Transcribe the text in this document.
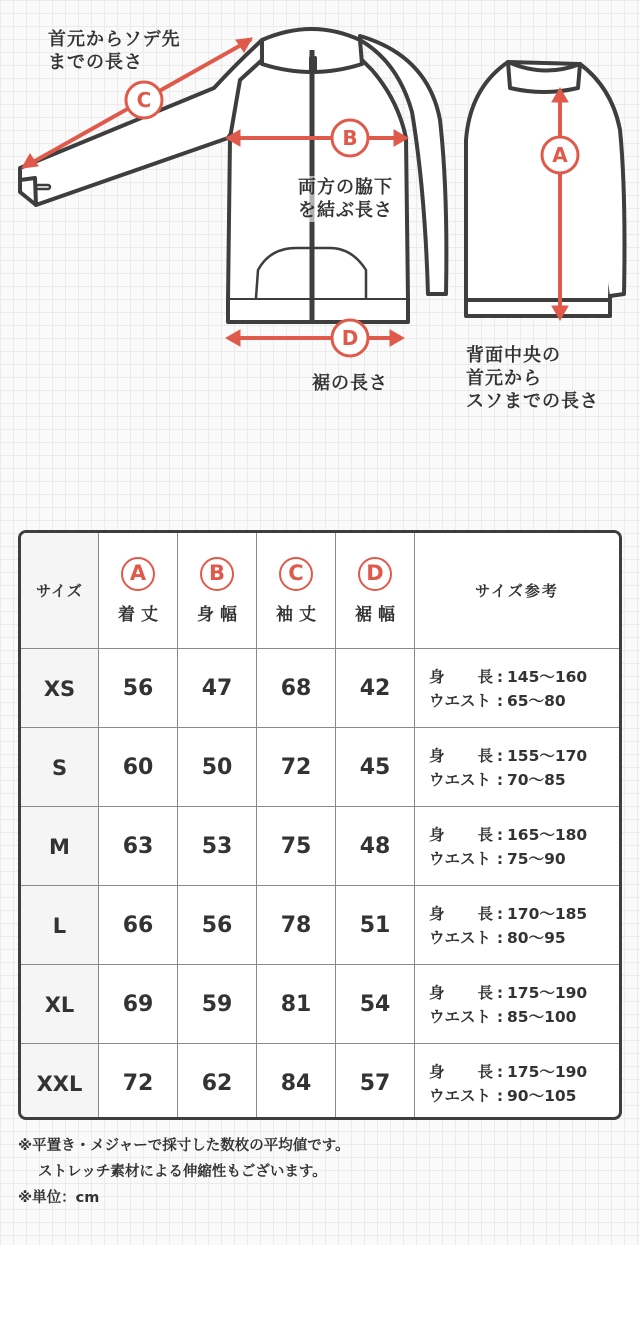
C
B
D
A
首元からソデ先
までの長さ
両方の脇下
を結ぶ長さ
裾の長さ
背面中央の
首元から
スソまでの長さ
サイズ
A
着丈
B
身幅
C
袖丈
D
裾幅
サイズ参考
XS 56 47 68 42 身 長 : 145～160
ウエスト : 65～80
S	60 50 72 45 身 長 : 155～170
ウエスト : 70～85
M 63 53 75 48 身 長 : 165～180
ウエスト : 75～90
L	66 56 78 51 身 長 : 170～185
ウエスト : 80～95
XL 69 59 81 54 身 長 : 175～190
ウエスト : 85～100
XXL 72 62 84 57 身 長 : 175～190
ウエスト : 90～105
※平置き・メジャーで採寸した数枚の平均値です。
ストレッチ素材による伸縮性もございます。
※単位：cm
